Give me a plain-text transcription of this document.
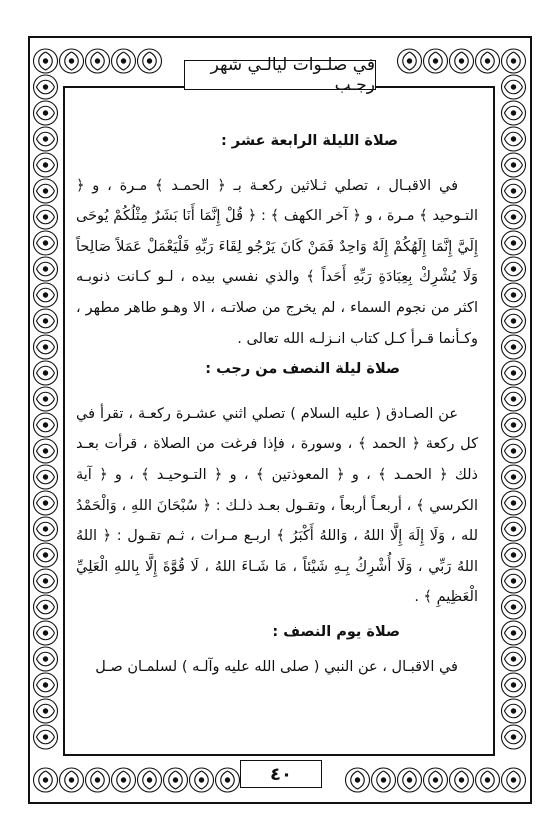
في صلـوات ليالـي شهر رجـب

صلاة الليلة الرابعة عشر :

في الاقبـال ، تصلي ثـلاثين ركعـة بـ ﴿ الحمـد ﴾ مـرة ، و ﴿ التـوحيد ﴾ مـرة ، و ﴿ آخر الكهف ﴾ : ﴿ قُلْ إِنَّمَا أَنَا بَشَرٌ مِثْلُكُمْ يُوحَى إِلَيَّ إِنَّمَا إِلَهُكُمْ إِلَهٌ وَاحِدٌ فَمَنْ كَانَ يَرْجُو لِقَاءَ رَبِّهِ فَلْيَعْمَلْ عَمَلاً صَالِحاً وَلَا يُشْرِكْ بِعِبَادَةِ رَبِّهِ أَحَداً ﴾ والذي نفسي بيده ، لـو كـانت ذنوبـه اكثر من نجوم السماء ، لم يخرج من صلاتـه ، الا وهـو طاهر مطهر ، وكـأنما قـرأ كـل كتاب انـزلـه الله تعالى .

صلاة ليلة النصف من رجب :

عن الصـادق ( عليه السلام ) تصلي اثني عشـرة ركعـة ، تقرأ في كل ركعة ﴿ الحمد ﴾ ، وسورة ، فإذا فرغت من الصلاة ، قرأت بعـد ذلك ﴿ الحمـد ﴾ ، و ﴿ المعوذتين ﴾ ، و ﴿ التـوحيـد ﴾ ، و ﴿ آية الكرسي ﴾ ، أربعـاً أربعاً ، وتقـول بعـد ذلـك : ﴿ سُبْحَانَ اللهِ ، وَالْحَمْدُ لله ، وَلَا إِلَهَ إِلَّا اللهُ ، وَاللهُ أَكْبَرُ ﴾ اربـع مـرات ، ثـم تقـول : ﴿ اللهُ اللهُ رَبِّي ، وَلَا أُشْرِكُ بِـهِ شَيْئاً ، مَا شَـاءَ اللهُ ، لَا قُوَّةَ إِلَّا بِاللهِ الْعَلِيِّ الْعَظِيمِ ﴾ .

صلاة يوم النصف :

في الاقبـال ، عن النبي ( صلى الله عليه وآلـه ) لسلمـان صـل

٤٠
